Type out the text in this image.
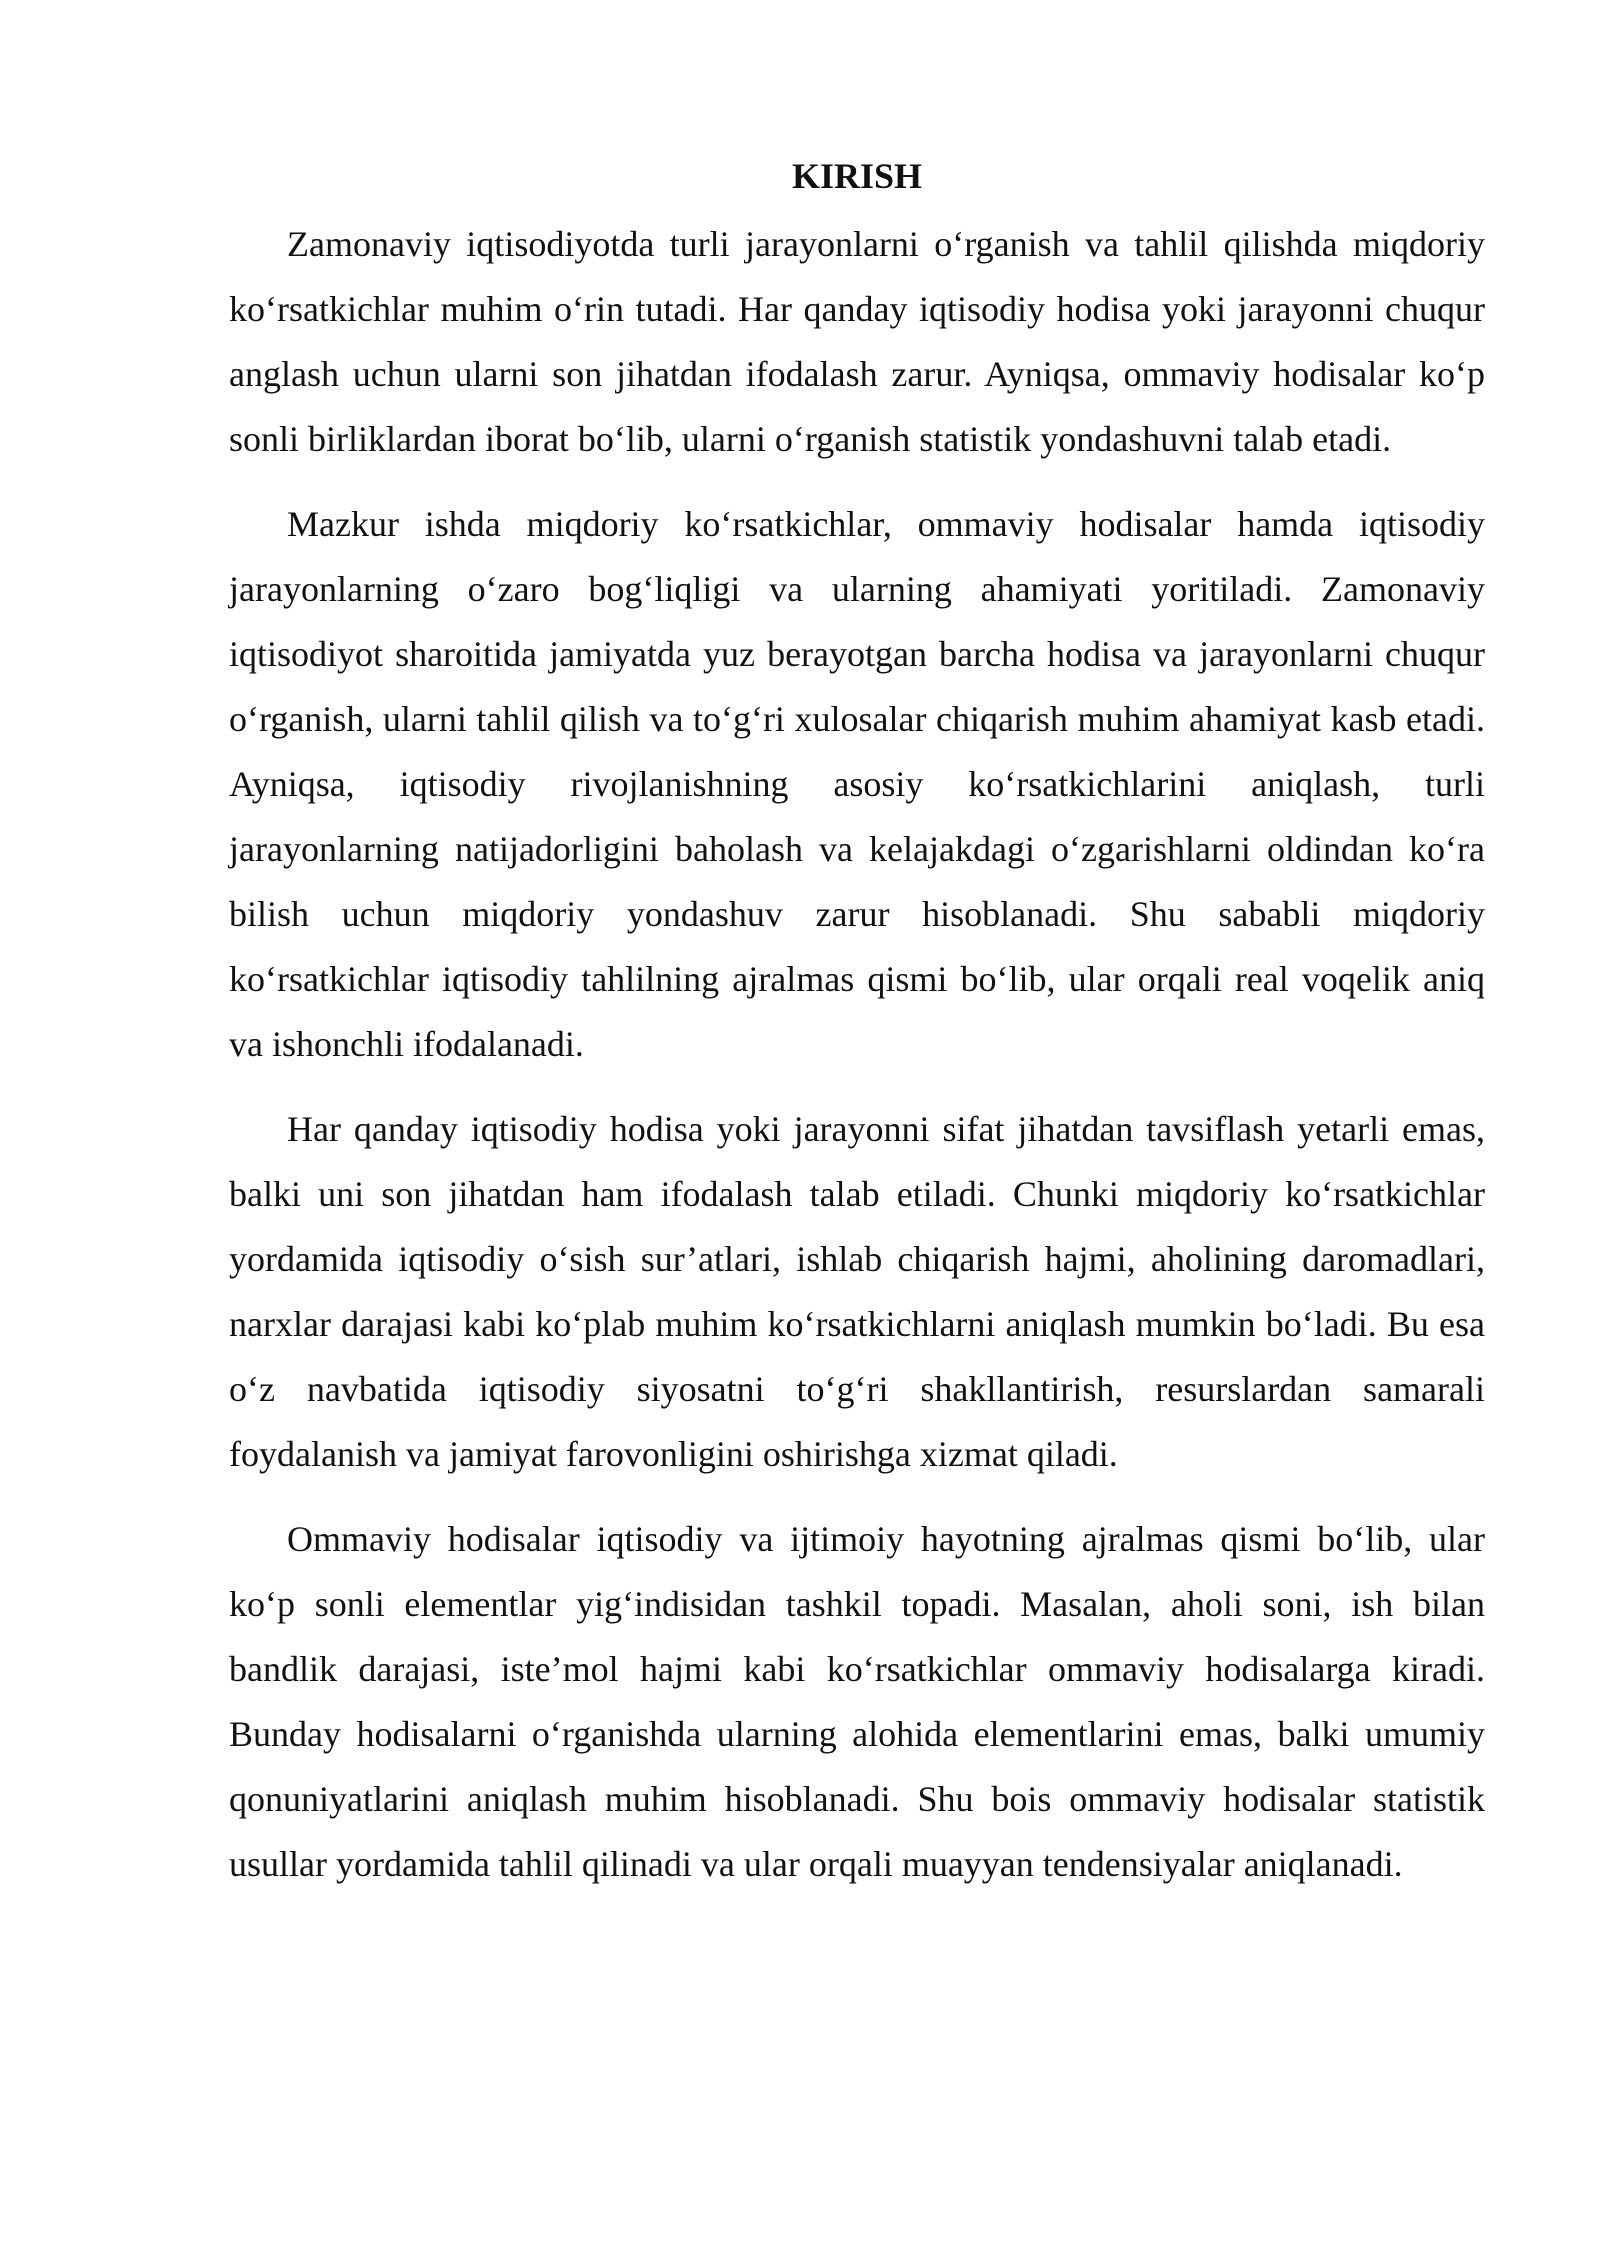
KIRISH

Zamonaviy iqtisodiyotda turli jarayonlarni o‘rganish va tahlil qilishda miqdoriy ko‘rsatkichlar muhim o‘rin tutadi. Har qanday iqtisodiy hodisa yoki jarayonni chuqur anglash uchun ularni son jihatdan ifodalash zarur. Ayniqsa, ommaviy hodisalar ko‘p sonli birliklardan iborat bo‘lib, ularni o‘rganish statistik yondashuvni talab etadi.

Mazkur ishda miqdoriy ko‘rsatkichlar, ommaviy hodisalar hamda iqtisodiy jarayonlarning o‘zaro bog‘liqligi va ularning ahamiyati yoritiladi. Zamonaviy iqtisodiyot sharoitida jamiyatda yuz berayotgan barcha hodisa va jarayonlarni chuqur o‘rganish, ularni tahlil qilish va to‘g‘ri xulosalar chiqarish muhim ahamiyat kasb etadi. Ayniqsa, iqtisodiy rivojlanishning asosiy ko‘rsatkichlarini aniqlash, turli jarayonlarning natijadorligini baholash va kelajakdagi o‘zgarishlarni oldindan ko‘ra bilish uchun miqdoriy yondashuv zarur hisoblanadi. Shu sababli miqdoriy ko‘rsatkichlar iqtisodiy tahlilning ajralmas qismi bo‘lib, ular orqali real voqelik aniq va ishonchli ifodalanadi.

Har qanday iqtisodiy hodisa yoki jarayonni sifat jihatdan tavsiflash yetarli emas, balki uni son jihatdan ham ifodalash talab etiladi. Chunki miqdoriy ko‘rsatkichlar yordamida iqtisodiy o‘sish sur’atlari, ishlab chiqarish hajmi, aholining daromadlari, narxlar darajasi kabi ko‘plab muhim ko‘rsatkichlarni aniqlash mumkin bo‘ladi. Bu esa o‘z navbatida iqtisodiy siyosatni to‘g‘ri shakllantirish, resurslardan samarali foydalanish va jamiyat farovonligini oshirishga xizmat qiladi.

Ommaviy hodisalar iqtisodiy va ijtimoiy hayotning ajralmas qismi bo‘lib, ular ko‘p sonli elementlar yig‘indisidan tashkil topadi. Masalan, aholi soni, ish bilan bandlik darajasi, iste’mol hajmi kabi ko‘rsatkichlar ommaviy hodisalarga kiradi. Bunday hodisalarni o‘rganishda ularning alohida elementlarini emas, balki umumiy qonuniyatlarini aniqlash muhim hisoblanadi. Shu bois ommaviy hodisalar statistik usullar yordamida tahlil qilinadi va ular orqali muayyan tendensiyalar aniqlanadi.
